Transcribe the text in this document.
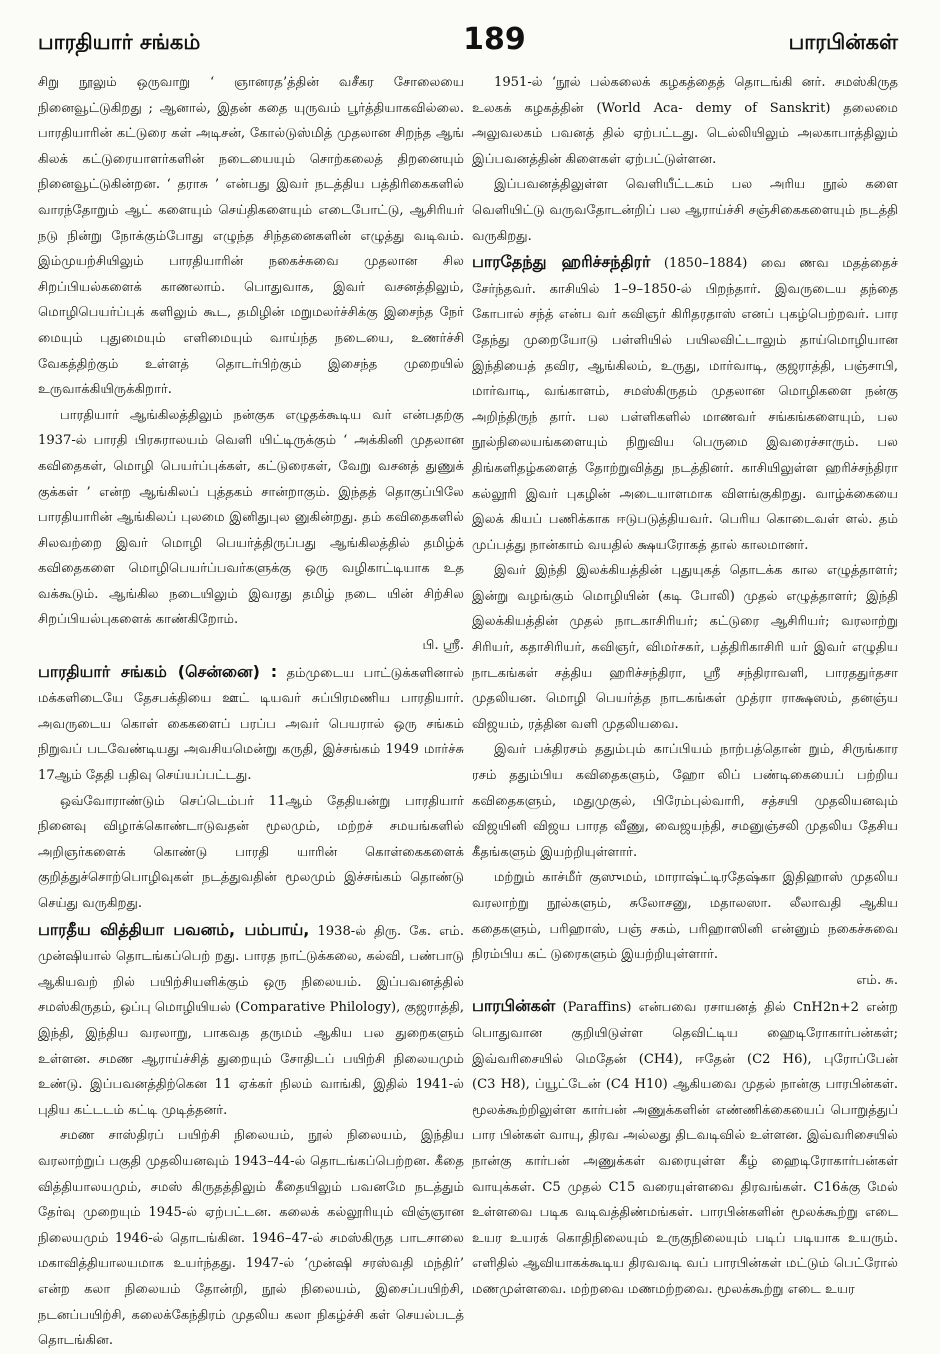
பாரதியார் சங்கம்	189	பாரபின்கள்

சிறு நூலும் ஒருவாறு ‘ ஞானரத’த்தின் வசீகர சோலையை நினைவூட்டுகிறது ; ஆனால், இதன் கதை யுருவம் பூர்த்தியாகவில்லை. பாரதியாரின் கட்டுரை கள் அடிசன், கோல்டுஸ்மித் முதலான சிறந்த ஆங் கிலக் கட்டுரையாளர்களின் நடையையும் சொற்கலைத் திறனையும் நினைவூட்டுகின்றன. ‘ தராசு ’ என்பது இவர் நடத்திய பத்திரிகைகளில் வாரந்தோறும் ஆட் களையும் செய்திகளையும் எடைபோட்டு, ஆசிரியர் நடு நின்று நோக்கும்போது எழுந்த சிந்தனைகளின் எழுத்து வடிவம். இம்முயற்சியிலும் பாரதியாரின் நகைச்சுவை முதலான சில சிறப்பியல்களைக் காணலாம். பொதுவாக, இவர் வசனத்திலும், மொழிபெயர்ப்புக் களிலும் கூட, தமிழின் மறுமலர்ச்சிக்கு இசைந்த நேர் மையும் புதுமையும் எளிமையும் வாய்ந்த நடையை, உணர்ச்சி வேகத்திற்கும் உள்ளத் தொடர்பிற்கும் இசைந்த முறையில் உருவாக்கியிருக்கிறார்.

பாரதியார் ஆங்கிலத்திலும் நன்குக எழுதக்கூடிய வர் என்பதற்கு 1937-ல் பாரதி பிரசுராலயம் வெளி யிட்டிருக்கும் ‘ அக்கினி முதலான கவிதைகள், மொழி பெயர்ப்புக்கள், கட்டுரைகள், வேறு வசனத் துணுக் குக்கள் ’ என்ற ஆங்கிலப் புத்தகம் சான்றாகும். இந்தத் தொகுப்பிலே பாரதியாரின் ஆங்கிலப் புலமை இனிதுபுல னுகின்றது. தம் கவிதைகளில் சிலவற்றை இவர் மொழி பெயர்த்திருப்பது ஆங்கிலத்தில் தமிழ்க் கவிதைகளை மொழிபெயர்ப்பவர்களுக்கு ஒரு வழிகாட்டியாக உத வக்கூடும். ஆங்கில நடையிலும் இவரது தமிழ் நடை யின் சிற்சில சிறப்பியல்புகளைக் காண்கிறோம்.
பி. ஸ்ரீ.

பாரதியார் சங்கம் (சென்னை) : தம்முடைய பாட்டுக்களினால் மக்களிடையே தேசபக்தியை ஊட் டியவர் சுப்பிரமணிய பாரதியார். அவருடைய கொள் கைகளைப் பரப்ப அவர் பெயரால் ஒரு சங்கம் நிறுவப் படவேண்டியது அவசியமென்று கருதி, இச்சங்கம் 1949 மார்ச்சு 17ஆம் தேதி பதிவு செய்யப்பட்டது.

ஒவ்வோராண்டும் செப்டெம்பர் 11ஆம் தேதியன்று பாரதியார் நினைவு விழாக்கொண்டாடுவதன் மூலமும், மற்றச் சமயங்களில் அறிஞர்களைக் கொண்டு பாரதி யாரின் கொள்கைகளைக் குறித்துச்சொற்பொழிவுகள் நடத்துவதின் மூலமும் இச்சங்கம் தொண்டு செய்து வருகிறது.

பாரதீய வித்தியா பவனம், பம்பாய், 1938-ல் திரு. கே. எம். முன்ஷியால் தொடங்கப்பெற் றது. பாரத நாட்டுக்கலை, கல்வி, பண்பாடு ஆகியவற் றில் பயிற்சியளிக்கும் ஒரு நிலையம். இப்பவனத்தில் சமஸ்கிருதம், ஒப்பு மொழியியல் (Comparative Philology), குஜராத்தி, இந்தி, இந்திய வரலாறு, பாகவத தருமம் ஆகிய பல துறைகளும் உள்ளன. சமண ஆராய்ச்சித் துறையும் சோதிடப் பயிற்சி நிலையமும் உண்டு. இப்பவனத்திற்கென 11 ஏக்கர் நிலம் வாங்கி, இதில் 1941-ல் புதிய கட்டடம் கட்டி முடித்தனர்.

சமண சாஸ்திரப் பயிற்சி நிலையம், நூல் நிலையம், இந்திய வரலாற்றுப் பகுதி முதலியனவும் 1943–44-ல் தொடங்கப்பெற்றன. கீதை வித்தியாலயமும், சமஸ் கிருதத்திலும் கீதையிலும் பவனமே நடத்தும் தேர்வு முறையும் 1945-ல் ஏற்பட்டன. கலைக் கல்லூரியும் விஞ்ஞான நிலையமும் 1946-ல் தொடங்கின. 1946–47-ல் சமஸ்கிருத பாடசாலை மகாவித்தியாலயமாக உயர்ந்தது. 1947-ல் ‘முன்ஷி சரஸ்வதி மந்திர்’ என்ற கலா நிலையம் தோன்றி, நூல் நிலையம், இசைப்பயிற்சி, நடனப்பயிற்சி, கலைக்கேந்திரம் முதலிய கலா நிகழ்ச்சி கள் செயல்படத் தொடங்கின.

1951-ல் ‘நூல் பல்கலைக் கழகத்தைத் தொடங்கி னர். சமஸ்கிருத உலகக் கழகத்தின் (World Aca- demy of Sanskrit) தலைமை அலுவலகம் பவனத் தில் ஏற்பட்டது. டெல்லியிலும் அலகாபாத்திலும் இப்பவனத்தின் கிளைகள் ஏற்பட்டுள்ளன.

இப்பவனத்திலுள்ள வெளியீட்டகம் பல அரிய நூல் களை வெளியிட்டு வருவதோடன்றிப் பல ஆராய்ச்சி சஞ்சிகைகளையும் நடத்தி வருகிறது.

பாரதேந்து ஹரிச்சந்திரர் (1850–1884) வை ணவ மதத்தைச் சேர்ந்தவர். காசியில் 1–9–1850-ல் பிறந்தார். இவருடைய தந்தை கோபால் சந்த் என்ப வர் கவிஞர் கிரிதரதாஸ் எனப் புகழ்பெற்றவர். பார தேந்து முறையோடு பள்ளியில் பயிலவிட்டாலும் தாய்மொழியான இந்தியைத் தவிர, ஆங்கிலம், உருது, மார்வாடி, குஜராத்தி, பஞ்சாபி, மார்வாடி, வங்காளம், சமஸ்கிருதம் முதலான மொழிகளை நன்கு அறிந்திருந் தார். பல பள்ளிகளில் மாணவர் சங்கங்களையும், பல நூல்நிலையங்களையும் நிறுவிய பெருமை இவரைச்சாரும். பல திங்களிதழ்களைத் தோற்றுவித்து நடத்தினர். காசியிலுள்ள ஹரிச்சந்திரா கல்லூரி இவர் புகழின் அடையாளமாக விளங்குகிறது. வாழ்க்கையை இலக் கியப் பணிக்காக ஈடுபடுத்தியவர். பெரிய கொடைவள் ளல். தம் முப்பத்து நான்காம் வயதில் க்ஷயரோகத் தால் காலமானர்.

இவர் இந்தி இலக்கியத்தின் புதுயுகத் தொடக்க கால எழுத்தாளர்; இன்று வழங்கும் மொழியின் (கடி போலி) முதல் எழுத்தாளர்; இந்தி இலக்கியத்தின் முதல் நாடகாசிரியர்; கட்டுரை ஆசிரியர்; வரலாற்று சிரியர், கதாசிரியர், கவிஞர், விமர்சகர், பத்திரிகாசிரி யர் இவர் எழுதிய நாடகங்கள் சத்திய ஹரிச்சந்திரா, ஸ்ரீ சந்திராவளி, பாரததுர்தசா முதலியன. மொழி பெயர்த்த நாடகங்கள் முத்ரா ராக்ஷஸம், தனஞ்ய விஜயம், ரத்தின வளி முதலியவை.

இவர் பக்திரசம் ததும்பும் காப்பியம் நாற்பத்தொன் றும், சிருங்கார ரசம் ததும்பிய கவிதைகளும், ஹோ லிப் பண்டிகையைப் பற்றிய கவிதைகளும், மதுமுகுல், பிரேம்புல்வாரி, சத்சயி முதலியனவும் விஜயினி விஜய பாரத வீணு, வைஜயந்தி, சமனுஞ்சலி முதலிய தேசிய கீதங்களும் இயற்றியுள்ளார்.

மற்றும் காச்மீர் குஸுமம், மாராஷ்ட்டிரதேஷ்கா இதிஹாஸ் முதலிய வரலாற்று நூல்களும், சுலோசனு, மதாலஸா. லீலாவதி ஆகிய கதைகளும், பரிஹாஸ், பஞ் சகம், பரிஹாஸினி என்னும் நகைச்சுவை நிரம்பிய கட் டுரைகளும் இயற்றியுள்ளார்.
எம். சு.

பாரபின்கள் (Paraffins) என்பவை ரசாயனத் தில் CnH2n+2 என்ற பொதுவான குறியிடுள்ள தெவிட்டிய ஹைடிரோகார்பன்கள்; இவ்வரிசையில் மெதேன் (CH4), ஈதேன் (C2 H6), புரோப்பேன் (C3 H8), ப்யூட்டேன் (C4 H10) ஆகியவை முதல் நான்கு பாரபின்கள். மூலக்கூற்றிலுள்ள கார்பன் அணுக்களின் எண்ணிக்கையைப் பொறுத்துப் பார பின்கள் வாயு, திரவ அல்லது திடவடிவில் உள்ளன. இவ்வரிசையில் நான்கு கார்பன் அணுக்கள் வரையுள்ள கீழ் ஹைடிரோகார்பன்கள் வாயுக்கள். C5 முதல் C15 வரையுள்ளவை திரவங்கள். C16க்கு மேல் உள்ளவை படிக வடிவத்திண்மங்கள். பாரபின்களின் மூலக்கூற்று எடை உயர உயரக் கொதிநிலையும் உருகுநிலையும் படிப் படியாக உயரும். எளிதில் ஆவியாகக்கூடிய திரவவடி வப் பாரபின்கள் மட்டும் பெட்ரோல் மணமுள்ளவை. மற்றவை மணமற்றவை. மூலக்கூற்று எடை உயர
